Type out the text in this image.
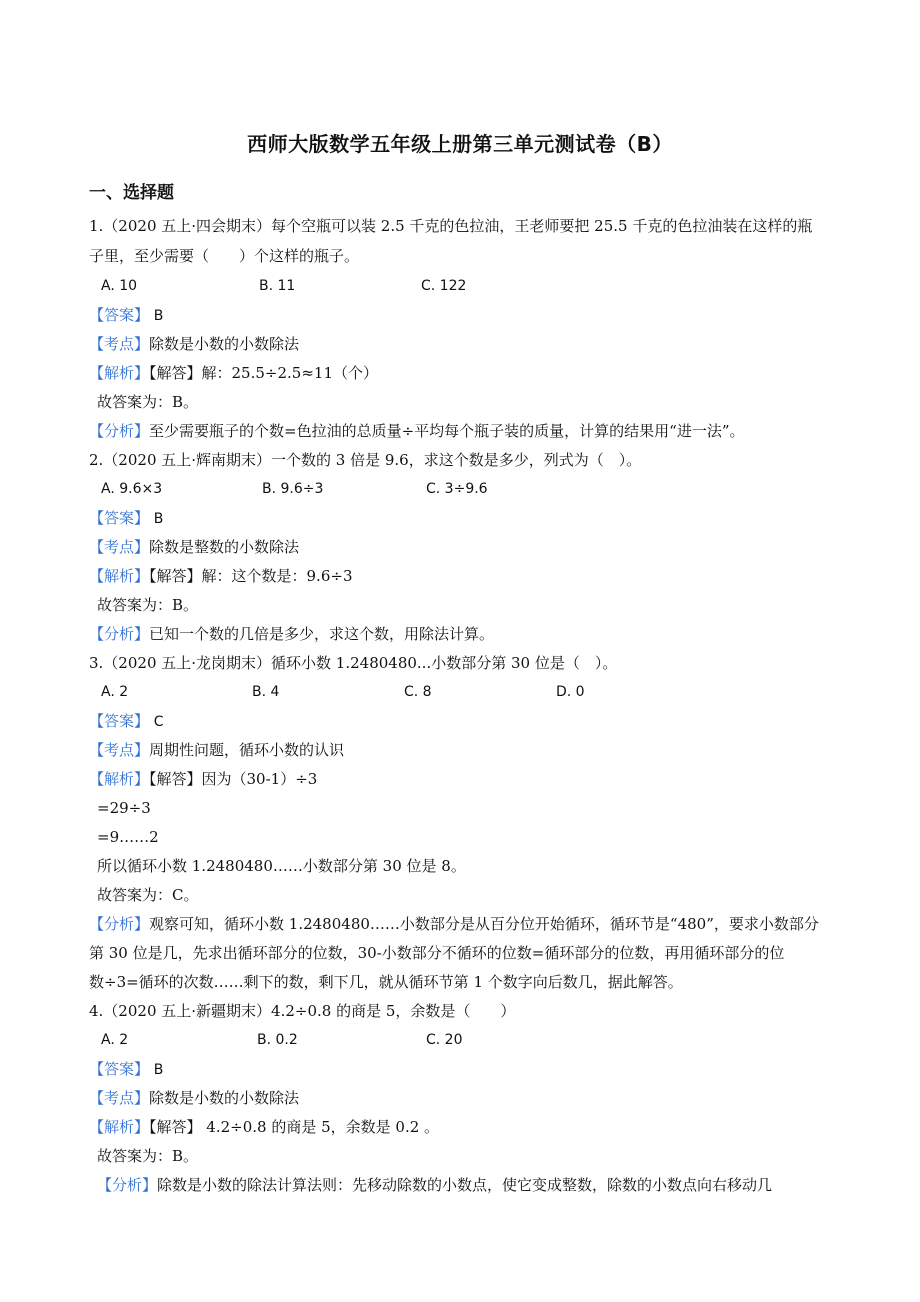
西师大版数学五年级上册第三单元测试卷（B）
一、选择题
1.（2020 五上·四会期末）每个空瓶可以装 2.5 千克的色拉油，王老师要把 25.5 千克的色拉油装在这样的瓶
子里，至少需要（　　）个这样的瓶子。
A. 10	B. 11	C. 122
【答案】 B
【考点】除数是小数的小数除法
【解析】【解答】解：25.5÷2.5≈11（个）
故答案为：B。
【分析】至少需要瓶子的个数=色拉油的总质量÷平均每个瓶子装的质量，计算的结果用“进一法”。
2.（2020 五上·辉南期末）一个数的 3 倍是 9.6，求这个数是多少，列式为（　）。
A. 9.6×3	B. 9.6÷3	C. 3÷9.6
【答案】 B
【考点】除数是整数的小数除法
【解析】【解答】解：这个数是：9.6÷3
故答案为：B。
【分析】已知一个数的几倍是多少，求这个数，用除法计算。
3.（2020 五上·龙岗期末）循环小数 1.2480480...小数部分第 30 位是（　）。
A. 2	B. 4	C. 8	D. 0
【答案】 C
【考点】周期性问题，循环小数的认识
【解析】【解答】因为（30-1）÷3
=29÷3
=9……2
所以循环小数 1.2480480……小数部分第 30 位是 8。
故答案为：C。
【分析】观察可知，循环小数 1.2480480……小数部分是从百分位开始循环，循环节是“480”，要求小数部分
第 30 位是几，先求出循环部分的位数，30-小数部分不循环的位数=循环部分的位数，再用循环部分的位
数÷3=循环的次数……剩下的数，剩下几，就从循环节第 1 个数字向后数几，据此解答。
4.（2020 五上·新疆期末）4.2÷0.8 的商是 5，余数是（　　）
A. 2	B. 0.2	C. 20
【答案】 B
【考点】除数是小数的小数除法
【解析】【解答】 4.2÷0.8 的商是 5，余数是 0.2 。
故答案为：B。
【分析】除数是小数的除法计算法则：先移动除数的小数点，使它变成整数，除数的小数点向右移动几
